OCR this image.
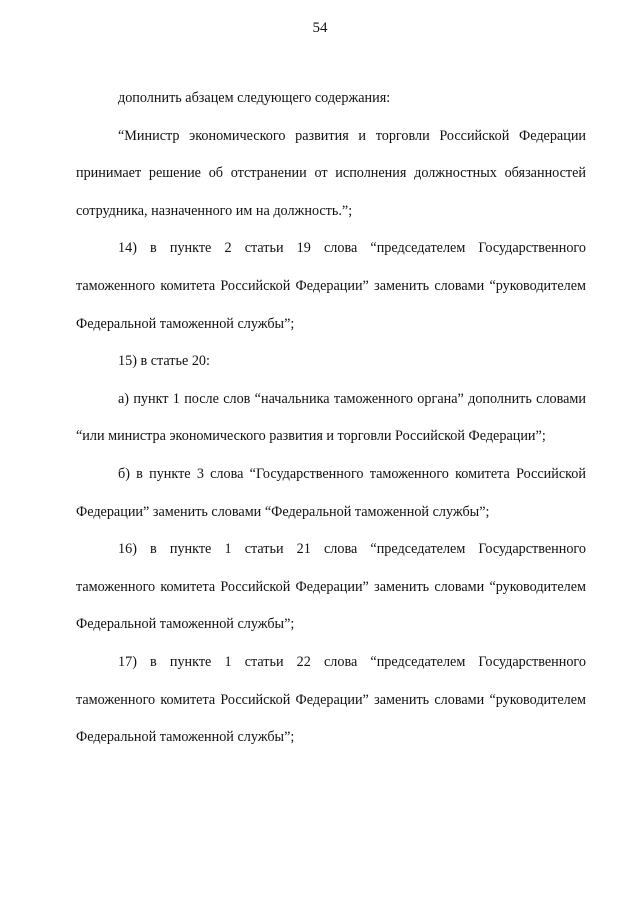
54

дополнить абзацем следующего содержания:

“Министр экономического развития и торговли Российской Федерации принимает решение об отстранении от исполнения должностных обязанностей сотрудника, назначенного им на должность.”;

14) в пункте 2 статьи 19 слова “председателем Государственного таможенного комитета Российской Федерации” заменить словами “руководителем Федеральной таможенной службы”;

15) в статье 20:

а) пункт 1 после слов “начальника таможенного органа” дополнить словами “или министра экономического развития и торговли Российской Федерации”;

б) в пункте 3 слова “Государственного таможенного комитета Российской Федерации” заменить словами “Федеральной таможенной службы”;

16) в пункте 1 статьи 21 слова “председателем Государственного таможенного комитета Российской Федерации” заменить словами “руководителем Федеральной таможенной службы”;

17) в пункте 1 статьи 22 слова “председателем Государственного таможенного комитета Российской Федерации” заменить словами “руководителем Федеральной таможенной службы”;
